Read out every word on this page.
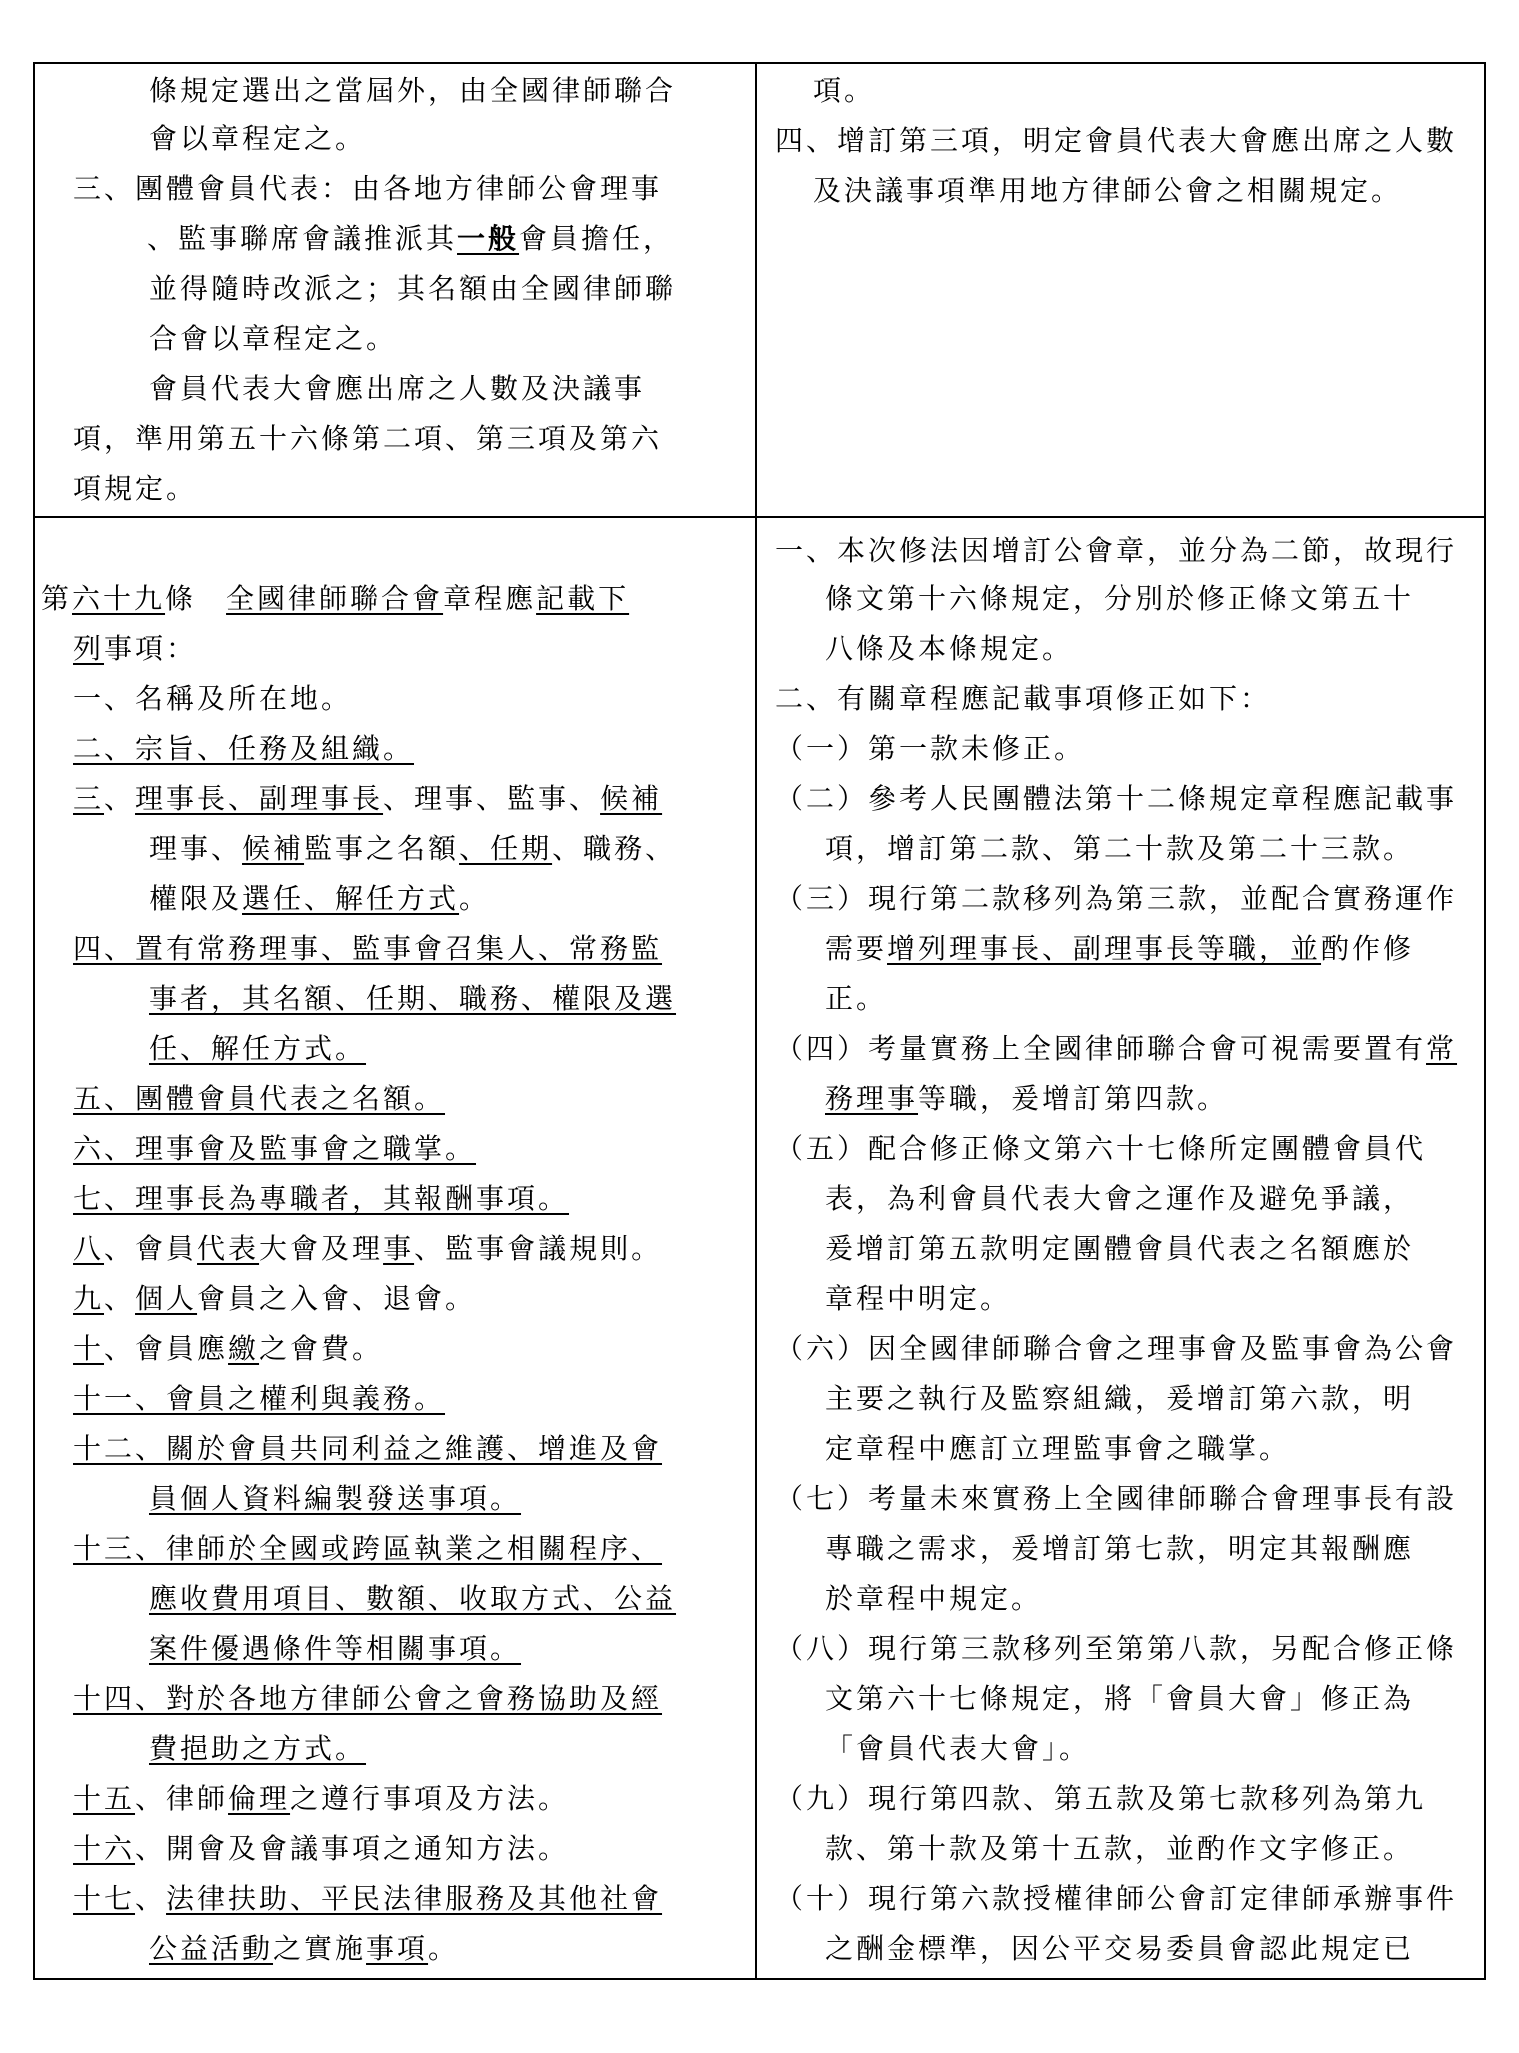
條規定選出之當屆外，由全國律師聯合
會以章程定之。
三、團體會員代表：由各地方律師公會理事
、監事聯席會議推派其一般會員擔任，
並得隨時改派之；其名額由全國律師聯
合會以章程定之。
會員代表大會應出席之人數及決議事
項，準用第五十六條第二項、第三項及第六
項規定。
項。
四、增訂第三項，明定會員代表大會應出席之人數
及決議事項準用地方律師公會之相關規定。
第六十九條 全國律師聯合會章程應記載下
列事項：
一、名稱及所在地。
二、宗旨、任務及組織。
三、理事長、副理事長、理事、監事、候補
理事、候補監事之名額、任期、職務、
權限及選任、解任方式。
四、置有常務理事、監事會召集人、常務監
事者，其名額、任期、職務、權限及選
任、解任方式。
五、團體會員代表之名額。
六、理事會及監事會之職掌。
七、理事長為專職者，其報酬事項。
八、會員代表大會及理事、監事會議規則。
九、個人會員之入會、退會。
十、會員應繳之會費。
十一、會員之權利與義務。
十二、關於會員共同利益之維護、增進及會
員個人資料編製發送事項。
十三、律師於全國或跨區執業之相關程序、
應收費用項目、數額、收取方式、公益
案件優遇條件等相關事項。
十四、對於各地方律師公會之會務協助及經
費挹助之方式。
十五、律師倫理之遵行事項及方法。
十六、開會及會議事項之通知方法。
十七、法律扶助、平民法律服務及其他社會
公益活動之實施事項。
一、本次修法因增訂公會章，並分為二節，故現行
條文第十六條規定，分別於修正條文第五十
八條及本條規定。
二、有關章程應記載事項修正如下：
（一）第一款未修正。
（二）參考人民團體法第十二條規定章程應記載事
項，增訂第二款、第二十款及第二十三款。
（三）現行第二款移列為第三款，並配合實務運作
需要增列理事長、副理事長等職，並酌作修
正。
（四）考量實務上全國律師聯合會可視需要置有常
務理事等職，爰增訂第四款。
（五）配合修正條文第六十七條所定團體會員代
表，為利會員代表大會之運作及避免爭議，
爰增訂第五款明定團體會員代表之名額應於
章程中明定。
（六）因全國律師聯合會之理事會及監事會為公會
主要之執行及監察組織，爰增訂第六款，明
定章程中應訂立理監事會之職掌。
（七）考量未來實務上全國律師聯合會理事長有設
專職之需求，爰增訂第七款，明定其報酬應
於章程中規定。
（八）現行第三款移列至第第八款，另配合修正條
文第六十七條規定，將「會員大會」修正為
「會員代表大會」。
（九）現行第四款、第五款及第七款移列為第九
款、第十款及第十五款，並酌作文字修正。
（十）現行第六款授權律師公會訂定律師承辦事件
之酬金標準，因公平交易委員會認此規定已
